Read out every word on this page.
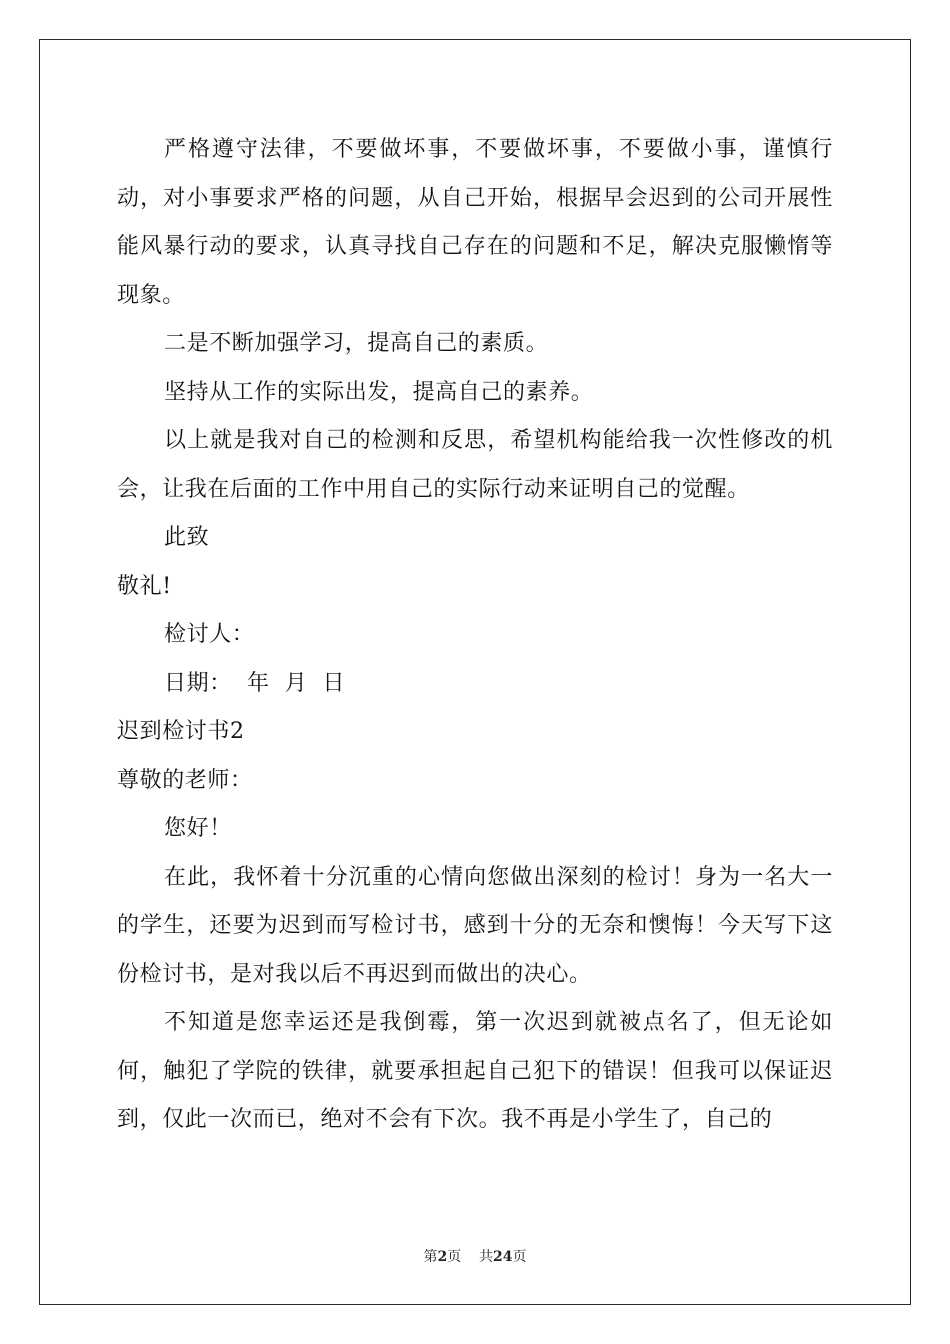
严格遵守法律，不要做坏事，不要做坏事，不要做小事，谨慎行动，对小事要求严格的问题，从自己开始，根据早会迟到的公司开展性能风暴行动的要求，认真寻找自己存在的问题和不足，解决克服懒惰等现象。

二是不断加强学习，提高自己的素质。

坚持从工作的实际出发，提高自己的素养。

以上就是我对自己的检测和反思，希望机构能给我一次性修改的机会，让我在后面的工作中用自己的实际行动来证明自己的觉醒。

此致

敬礼!

检讨人：

日期：  年  月  日

迟到检讨书2

尊敬的老师：

您好！

在此，我怀着十分沉重的心情向您做出深刻的检讨！身为一名大一的学生，还要为迟到而写检讨书，感到十分的无奈和懊悔！今天写下这份检讨书，是对我以后不再迟到而做出的决心。

不知道是您幸运还是我倒霉，第一次迟到就被点名了，但无论如何，触犯了学院的铁律，就要承担起自己犯下的错误！但我可以保证迟到，仅此一次而已，绝对不会有下次。我不再是小学生了，自己的

第2页 共24页
